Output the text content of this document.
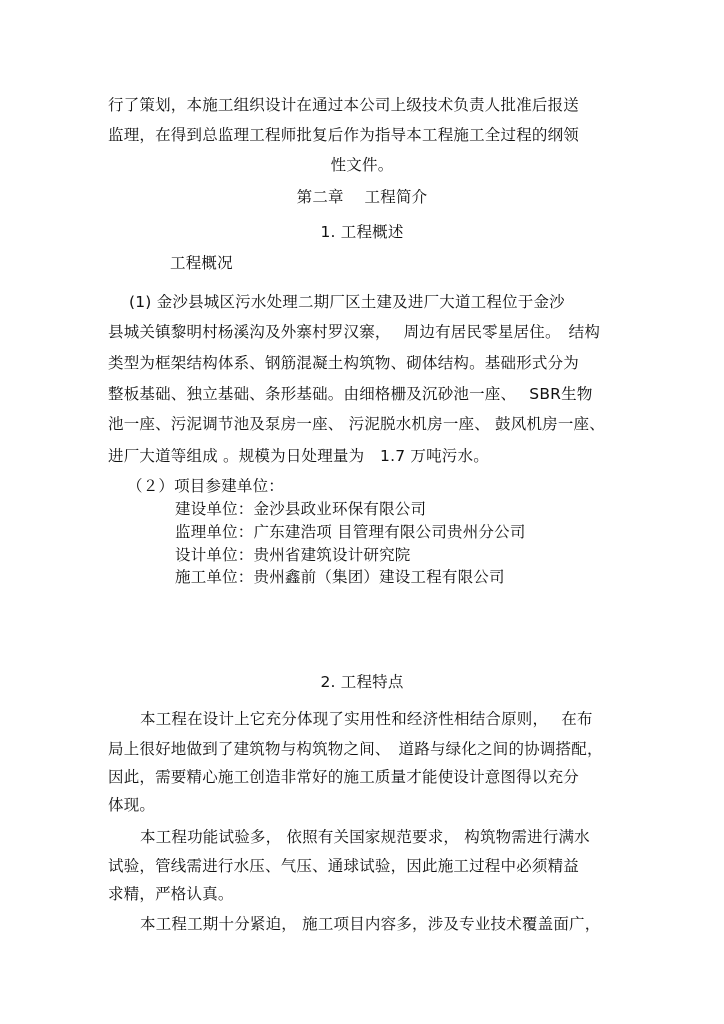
行了策划，本施工组织设计在通过本公司上级技术负责人批准后报送
监理，在得到总监理工程师批复后作为指导本工程施工全过程的纲领
性文件。
第二章　 工程简介
1. 工程概述
工程概况
(1) 金沙县城区污水处理二期厂区土建及进厂大道工程位于金沙
县城关镇黎明村杨溪沟及外寨村罗汉寨，　 周边有居民零星居住。　结构
类型为框架结构体系、钢筋混凝土构筑物、砌体结构。基础形式分为
整板基础、独立基础、条形基础。由细格栅及沉砂池一座、　 SBR生物
池一座、污泥调节池及泵房一座、 污泥脱水机房一座、 鼓风机房一座、
进厂大道等组成 。规模为日处理量为　1.7 万吨污水。
（２）项目参建单位：
建设单位：金沙县政业环保有限公司
监理单位：广东建浩项 目管理有限公司贵州分公司
设计单位：贵州省建筑设计研究院
施工单位：贵州鑫前（集团）建设工程有限公司
2. 工程特点
本工程在设计上它充分体现了实用性和经济性相结合原则，　 在布
局上很好地做到了建筑物与构筑物之间、　道路与绿化之间的协调搭配，
因此，需要精心施工创造非常好的施工质量才能使设计意图得以充分
体现。
本工程功能试验多， 依照有关国家规范要求， 构筑物需进行满水
试验，管线需进行水压、气压、通球试验，因此施工过程中必须精益
求精，严格认真。
本工程工期十分紧迫， 施工项目内容多，涉及专业技术覆盖面广，
